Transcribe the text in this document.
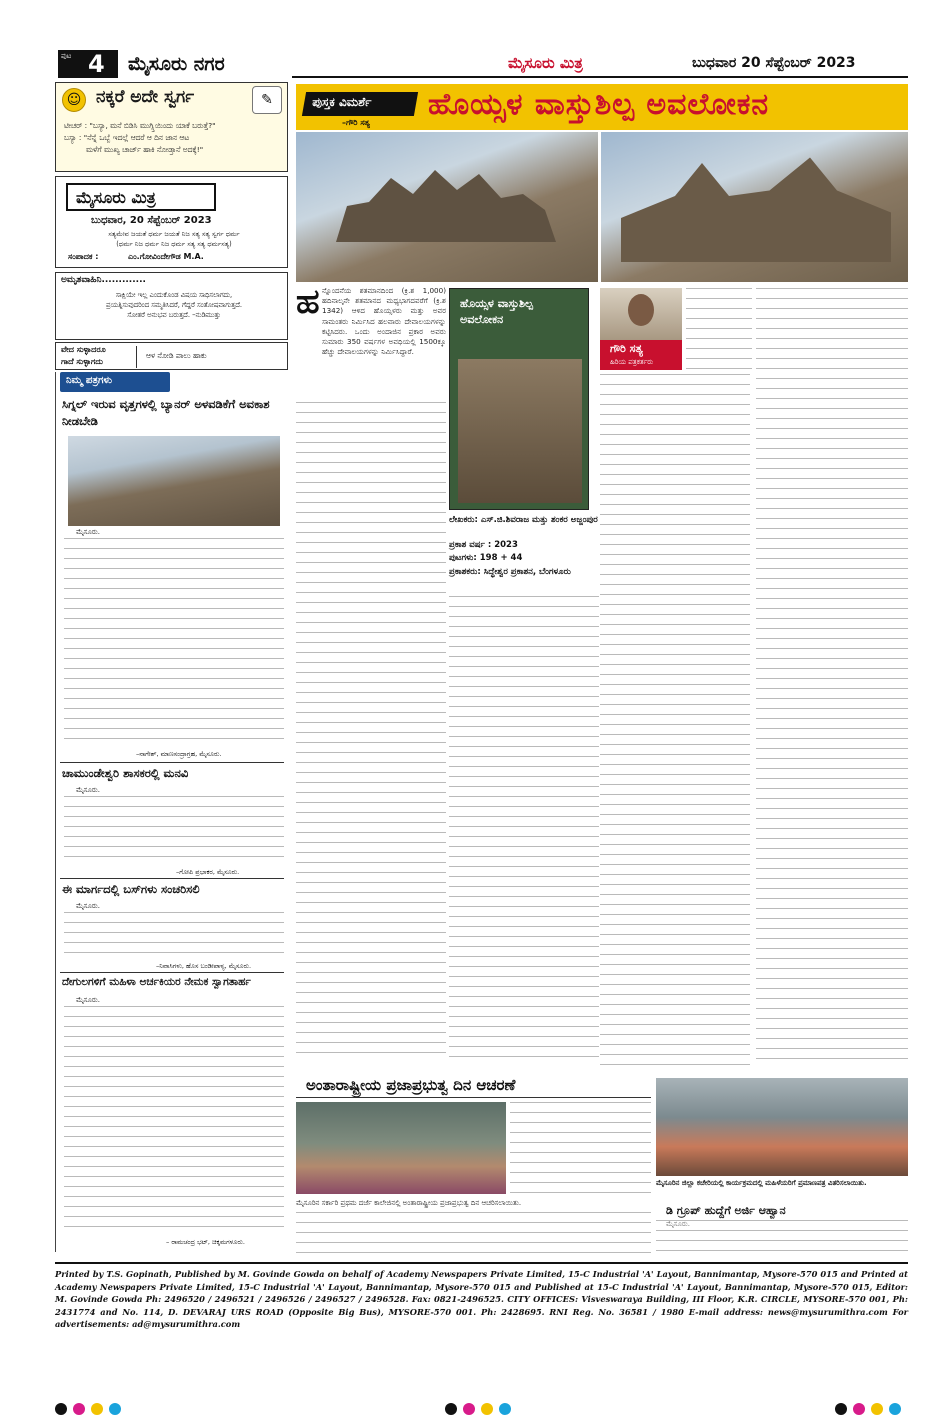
ಪುಟ 4 ಮೈಸೂರು ನಗರ	ಮೈಸೂರು ಮಿತ್ರ	ಬುಧವಾರ 20 ಸೆಪ್ಟೆಂಬರ್ 2023
☺ ನಕ್ಕರೆ ಅದೇ ಸ್ವರ್ಗ	✎
ಟೀಚರ್ : "ಬಸ್ಯಾ, ಮನೆ ಬಿಡಿಸಿ ಮುಗ್ಸ್ತಿಯಿಂದು ಯಾಕೆ ಬರುತ್ತೆ?"
ಬಸ್ಯಾ : "ನೆನ್ನೆ ಒಬ್ಬೆ ಇದಲ್ಲೆ ಆದರೆ ಆ ದಿನ ಜಾನ ಆಟ
ಮಳೆಗೆ ಮುಖ್ಯ ಚಾರ್ಜ್ ಹಾಕಿ ನೋಡ್ತಾನೆ ಅದಕ್ಕೆ!"
ಮೈಸೂರು ಮಿತ್ರ
ಬುಧವಾರ, 20 ಸೆಪ್ಟೆಂಬರ್ 2023
ಸತ್ಯಮೇವ ಜಯತೆ ಧರ್ಮ ಜಯತೆ ನಿಜ ಸತ್ಯ ಸತ್ಯ ಸ್ವರ್ಗ ಧರ್ಮ
(ಧರ್ಮ ನಿಜ ಧರ್ಮ ನಿಜ ಧರ್ಮ ಸತ್ಯ ಸತ್ಯ ಧರ್ಮಸತ್ಯ)
ಸಂಪಾದಕ :	ಎಂ.ಗೋವಿಂದೇಗೌಡ M.A.
ಅಮೃತವಾಹಿನಿ.............
ಸಾಕ್ಷಿಯೇ ಇಲ್ಲ ಎಂದುಕೊಂಡ ವಿಷಯ ಸಾಧಿಸಲಾಗದು,
ಪ್ರಯತ್ನಿಸುವುದರಿಂದ ಸಮ್ಮತಿಸಿದರೆ, ಗೆದ್ದರೆ ಸಂತೋಷವಾಗುತ್ತದೆ.
ಸೋತರೆ ಅನುಭವ ಬರುತ್ತದೆ. –ನುಡಿಮುತ್ತು
ವೇದ ಸುಳ್ಳಾದರೂ
ಗಾದೆ ಸುಳ್ಳಾಗದು
ಆಳ ನೋಡಿ ಪಾಲು ಹಾಕು
ನಿಮ್ಮ ಪತ್ರಗಳು
ಸಿಗ್ನಲ್ ಇರುವ ವೃತ್ತಗಳಲ್ಲಿ ಬ್ಯಾನರ್ ಅಳವಡಿಕೆಗೆ ಅವಕಾಶ ನೀಡಬೇಡಿ
ಮೈಸೂರು.
–ನಾಗೇಶ್, ಮಾಣಸಂದ್ರಾಗ್ರಹ, ಮೈಸೂರು.
ಚಾಮುಂಡೇಶ್ವರಿ ಶಾಸಕರಲ್ಲಿ ಮನವಿ
ಮೈಸೂರು.
–ಗೋಪಿ ಪ್ರಭಾಕರ, ಮೈಸೂರು.
ಈ ಮಾರ್ಗದಲ್ಲಿ ಬಸ್‌ಗಳು ಸಂಚರಿಸಲಿ
ಮೈಸೂರು.
–ನಿವಾಸಿಗಳು, ಹೊಸ ಬಂಡೀಪಾಳ್ಯ, ಮೈಸೂರು.
ದೇಗುಲಗಳಿಗೆ ಮಹಿಳಾ ಅರ್ಚಕಿಯರ ನೇಮಕ ಸ್ವಾಗತಾರ್ಹ
ಮೈಸೂರು.
– ರಾಮಚಂದ್ರ ಭಟ್, ಚಿಕ್ಕಮಗಳೂರು.
ಪುಸ್ತಕ ವಿಮರ್ಶೆ ಹೊಯ್ಸಳ ವಾಸ್ತುಶಿಲ್ಪ ಅವಲೋಕನ
–ಗೌರಿ ಸತ್ಯ
ಹ ನ್ನೊಂದನೆಯ ಶತಮಾನದಿಂದ (ಕ್ರಿ.ಶ 1,000) ಹದಿನಾಲ್ಕನೇ ಶತಮಾನದ ಮಧ್ಯಭಾಗದವರೆಗೆ (ಕ್ರಿ.ಶ 1342) ಆಳಿದ ಹೊಯ್ಸಳರು ಮತ್ತು ಅವರ ಸಾಮಂತರು ನಿರ್ಮಿಸಿದ ಹಲವಾರು ದೇವಾಲಯಗಳನ್ನು ಕಟ್ಟಿಸಿದರು. ಒಂದು ಅಂದಾಜಿನ ಪ್ರಕಾರ ಅವರು ಸುಮಾರು 350 ವರ್ಷಗಳ ಅವಧಿಯಲ್ಲಿ 1500ಕ್ಕೂ ಹೆಚ್ಚು ದೇವಾಲಯಗಳನ್ನು ನಿರ್ಮಿಸಿದ್ದಾರೆ.
ಹೊಯ್ಸಳ ವಾಸ್ತುಶಿಲ್ಪ
ಅವಲೋಕನ
ಗೌರಿ ಸತ್ಯ
ಹಿರಿಯ ಪತ್ರಕರ್ತರು
ಲೇಖಕರು: ಎಸ್.ಜಿ.ಶಿವರಾಜ ಮತ್ತು ಶಂಕರ ಅಜ್ಜಂಪುರ
ಪ್ರಕಾಶ ವರ್ಷ : 2023
ಪುಟಗಳು: 198 + 44
ಪ್ರಕಾಶಕರು: ಸಿದ್ಧೇಶ್ವರ ಪ್ರಕಾಶನ, ಬೆಂಗಳೂರು
ಅಂತಾರಾಷ್ಟ್ರೀಯ ಪ್ರಜಾಪ್ರಭುತ್ವ ದಿನ ಆಚರಣೆ
ಮೈಸೂರಿನ ಸರ್ಕಾರಿ ಪ್ರಥಮ ದರ್ಜೆ ಕಾಲೇಜಿನಲ್ಲಿ ಅಂತಾರಾಷ್ಟ್ರೀಯ ಪ್ರಜಾಪ್ರಭುತ್ವ ದಿನ ಆಚರಿಸಲಾಯಿತು.
ಮೈಸೂರಿನ ಜಿಲ್ಲಾ ಕಚೇರಿಯಲ್ಲಿ ಕಾರ್ಯಕ್ರಮದಲ್ಲಿ ಮಹಿಳೆಯರಿಗೆ ಪ್ರಮಾಣಪತ್ರ ವಿತರಿಸಲಾಯಿತು.
ಡಿ ಗ್ರೂಪ್ ಹುದ್ದೆಗೆ ಅರ್ಜಿ ಆಹ್ವಾನ
ಮೈಸೂರು.
Printed by T.S. Gopinath, Published by M. Govinde Gowda on behalf of Academy Newspapers Private Limited, 15-C Industrial 'A' Layout, Bannimantap, Mysore-570 015 and Printed at Academy Newspapers Private Limited, 15-C Industrial 'A' Layout, Bannimantap, Mysore-570 015 and Published at 15-C Industrial 'A' Layout, Bannimantap, Mysore-570 015, Editor: M. Govinde Gowda Ph: 2496520 / 2496521 / 2496526 / 2496527 / 2496528. Fax: 0821-2496525. CITY OFFICES: Visveswaraya Building, III Floor, K.R. CIRCLE, MYSORE-570 001, Ph: 2431774 and No. 114, D. DEVARAJ URS ROAD (Opposite Big Bus), MYSORE-570 001. Ph: 2428695. RNI Reg. No. 36581 / 1980 E-mail address: news@mysurumithra.com For advertisements: ad@mysurumithra.com
